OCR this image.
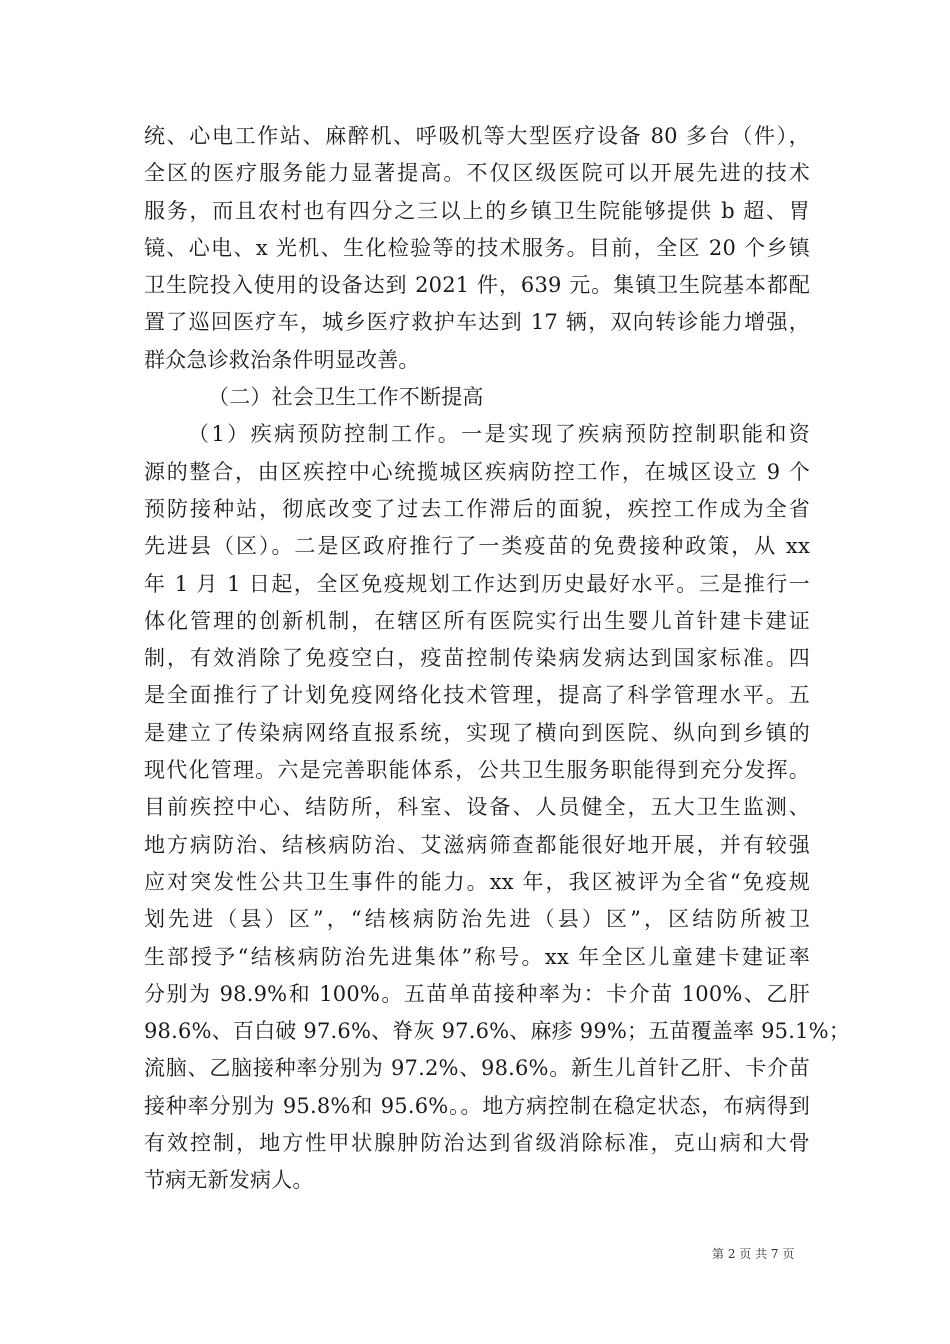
统、心电工作站、麻醉机、呼吸机等大型医疗设备 80 多台（件），
全区的医疗服务能力显著提高。不仅区级医院可以开展先进的技术
服务，而且农村也有四分之三以上的乡镇卫生院能够提供 b 超、胃
镜、心电、x 光机、生化检验等的技术服务。目前，全区 20 个乡镇
卫生院投入使用的设备达到 2021 件，639 元。集镇卫生院基本都配
置了巡回医疗车，城乡医疗救护车达到 17 辆，双向转诊能力增强，
群众急诊救治条件明显改善。
（二）社会卫生工作不断提高
（1）疾病预防控制工作。一是实现了疾病预防控制职能和资
源的整合，由区疾控中心统揽城区疾病防控工作，在城区设立 9 个
预防接种站，彻底改变了过去工作滞后的面貌，疾控工作成为全省
先进县（区）。二是区政府推行了一类疫苗的免费接种政策，从 xx
年 1 月 1 日起，全区免疫规划工作达到历史最好水平。三是推行一
体化管理的创新机制，在辖区所有医院实行出生婴儿首针建卡建证
制，有效消除了免疫空白，疫苗控制传染病发病达到国家标准。四
是全面推行了计划免疫网络化技术管理，提高了科学管理水平。五
是建立了传染病网络直报系统，实现了横向到医院、纵向到乡镇的
现代化管理。六是完善职能体系，公共卫生服务职能得到充分发挥。
目前疾控中心、结防所，科室、设备、人员健全，五大卫生监测、
地方病防治、结核病防治、艾滋病筛查都能很好地开展，并有较强
应对突发性公共卫生事件的能力。xx 年，我区被评为全省“免疫规
划先进（县）区”，“结核病防治先进（县）区”，区结防所被卫
生部授予“结核病防治先进集体”称号。xx 年全区儿童建卡建证率
分别为 98.9%和 100%。五苗单苗接种率为：卡介苗 100%、乙肝
98.6%、百白破 97.6%、脊灰 97.6%、麻疹 99%；五苗覆盖率 95.1%；
流脑、乙脑接种率分别为 97.2%、98.6%。新生儿首针乙肝、卡介苗
接种率分别为 95.8%和 95.6%。。地方病控制在稳定状态，布病得到
有效控制，地方性甲状腺肿防治达到省级消除标准，克山病和大骨
节病无新发病人。
第 2 页 共 7 页
